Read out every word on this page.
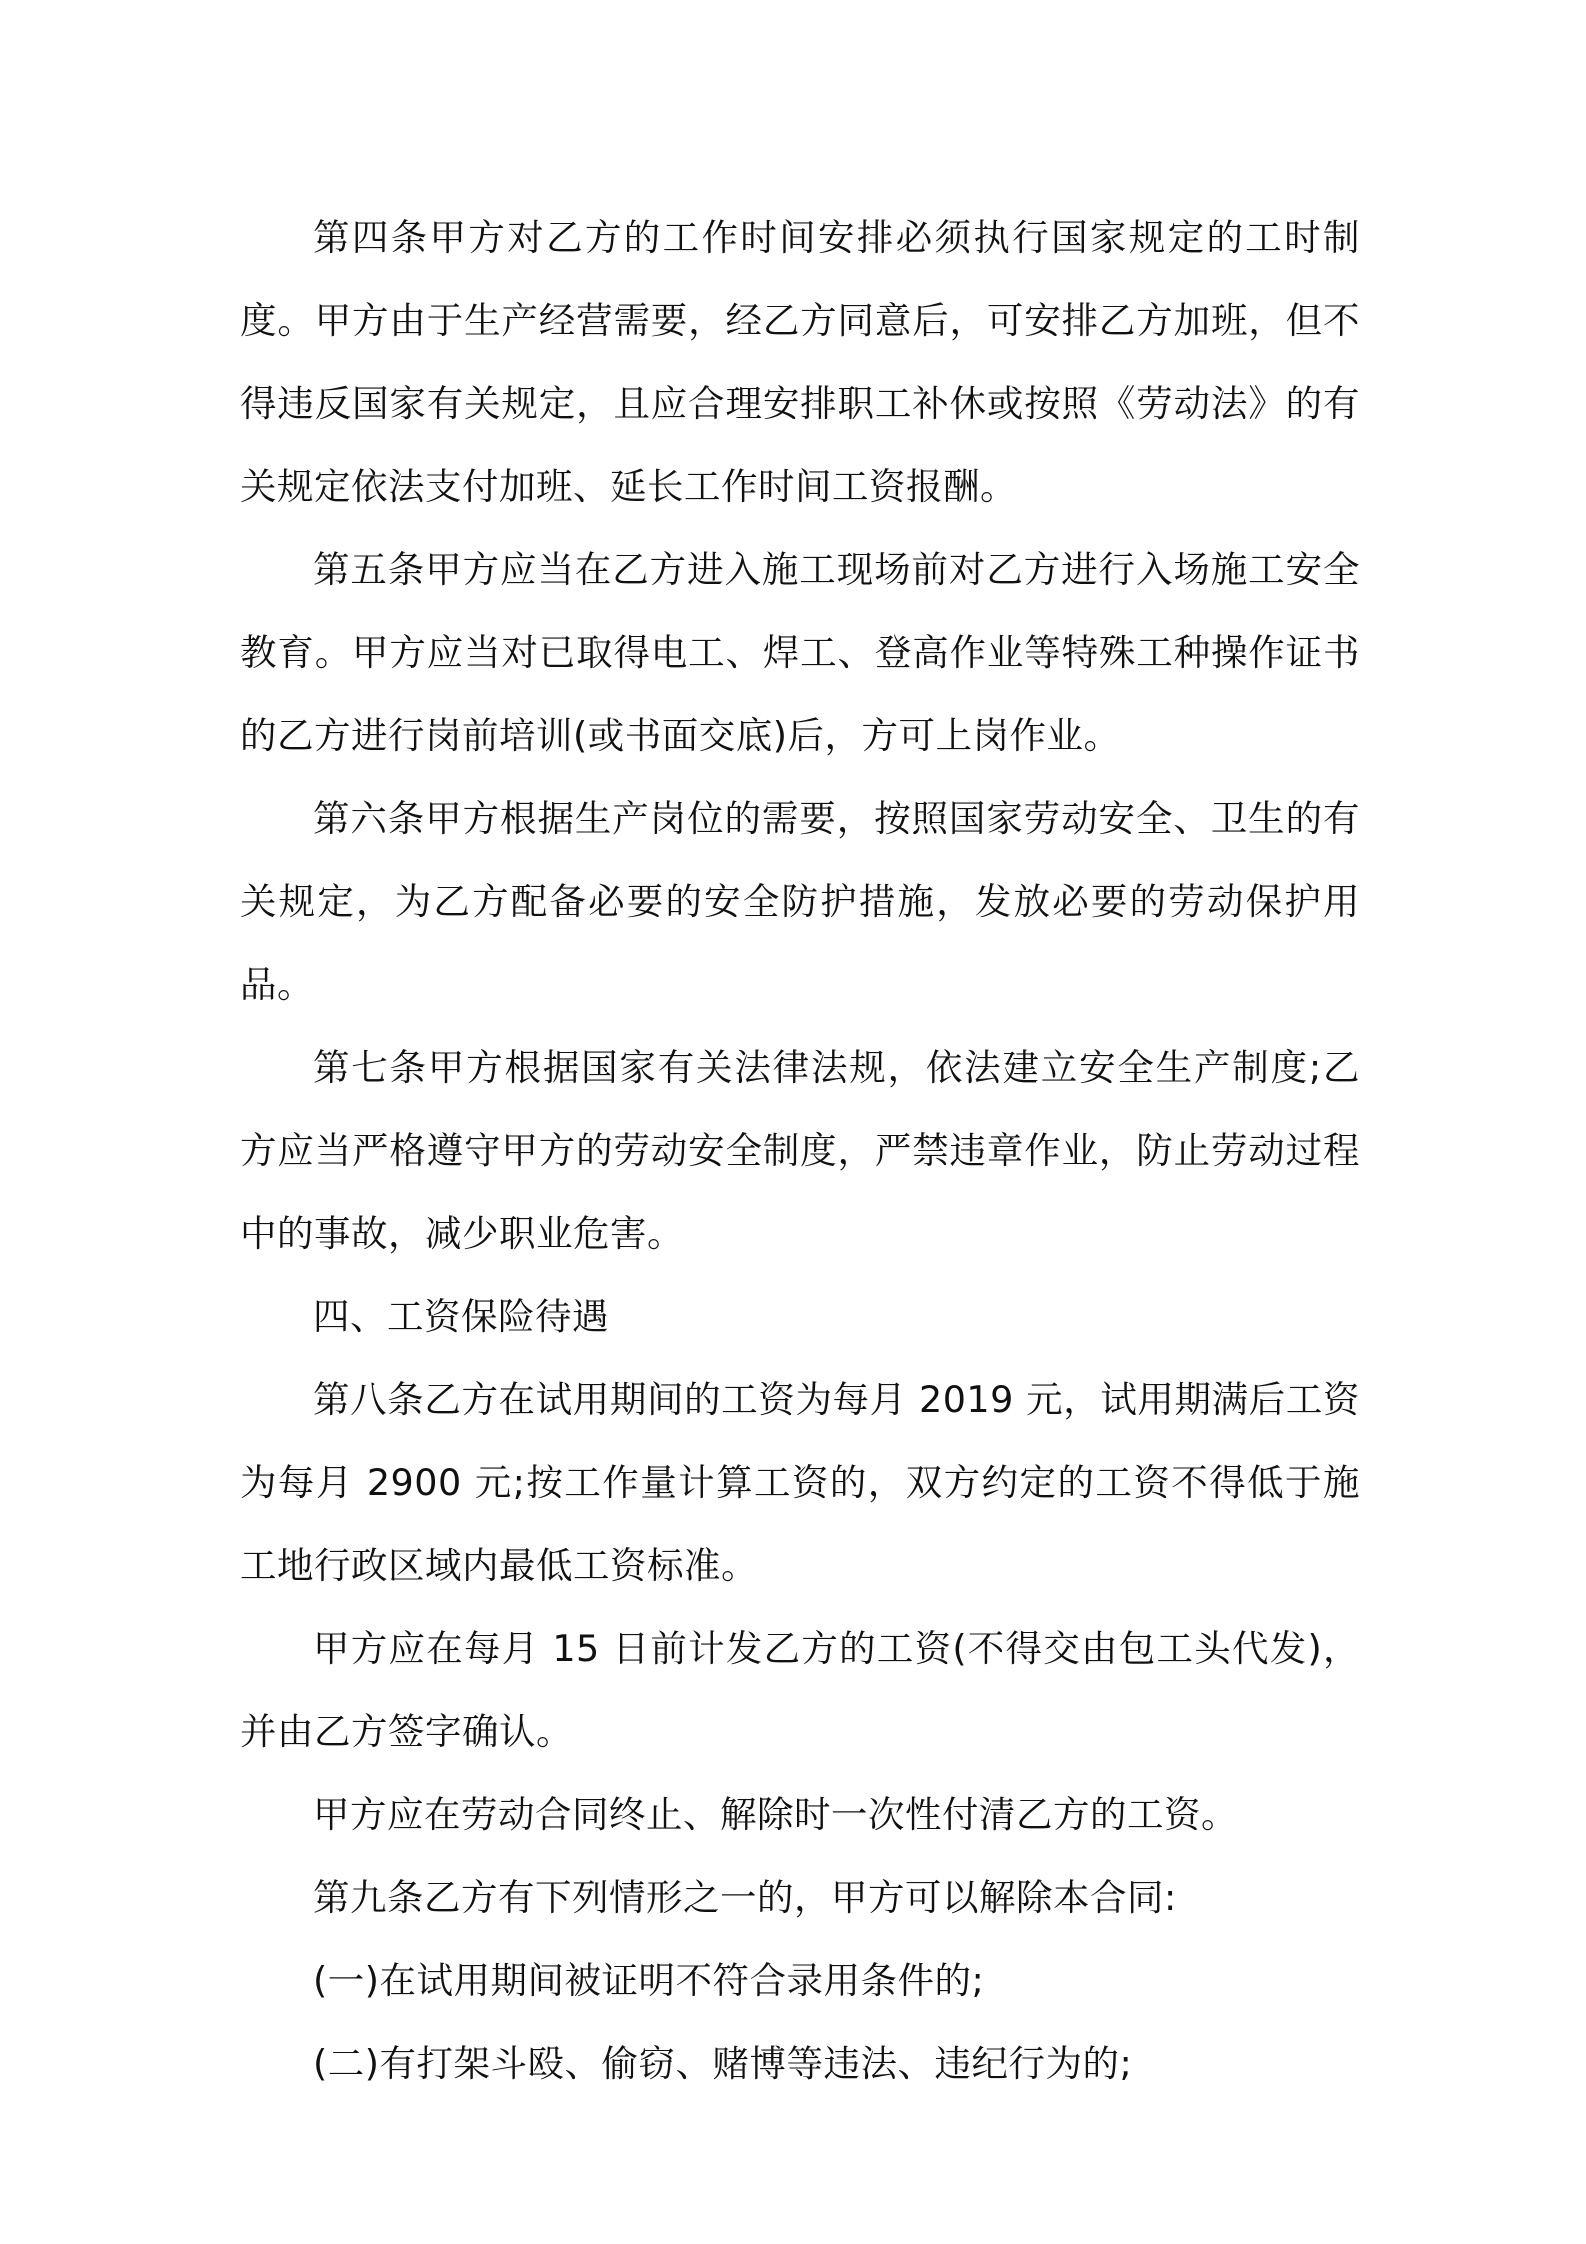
第四条甲方对乙方的工作时间安排必须执行国家规定的工时制度。甲方由于生产经营需要，经乙方同意后，可安排乙方加班，但不得违反国家有关规定，且应合理安排职工补休或按照《劳动法》的有关规定依法支付加班、延长工作时间工资报酬。

第五条甲方应当在乙方进入施工现场前对乙方进行入场施工安全教育。甲方应当对已取得电工、焊工、登高作业等特殊工种操作证书的乙方进行岗前培训(或书面交底)后，方可上岗作业。

第六条甲方根据生产岗位的需要，按照国家劳动安全、卫生的有关规定，为乙方配备必要的安全防护措施，发放必要的劳动保护用品。

第七条甲方根据国家有关法律法规，依法建立安全生产制度;乙方应当严格遵守甲方的劳动安全制度，严禁违章作业，防止劳动过程中的事故，减少职业危害。

四、工资保险待遇

第八条乙方在试用期间的工资为每月 2019 元，试用期满后工资为每月 2900 元;按工作量计算工资的，双方约定的工资不得低于施工地行政区域内最低工资标准。

甲方应在每月 15 日前计发乙方的工资(不得交由包工头代发)，并由乙方签字确认。

甲方应在劳动合同终止、解除时一次性付清乙方的工资。

第九条乙方有下列情形之一的，甲方可以解除本合同:

(一)在试用期间被证明不符合录用条件的;

(二)有打架斗殴、偷窃、赌博等违法、违纪行为的;
